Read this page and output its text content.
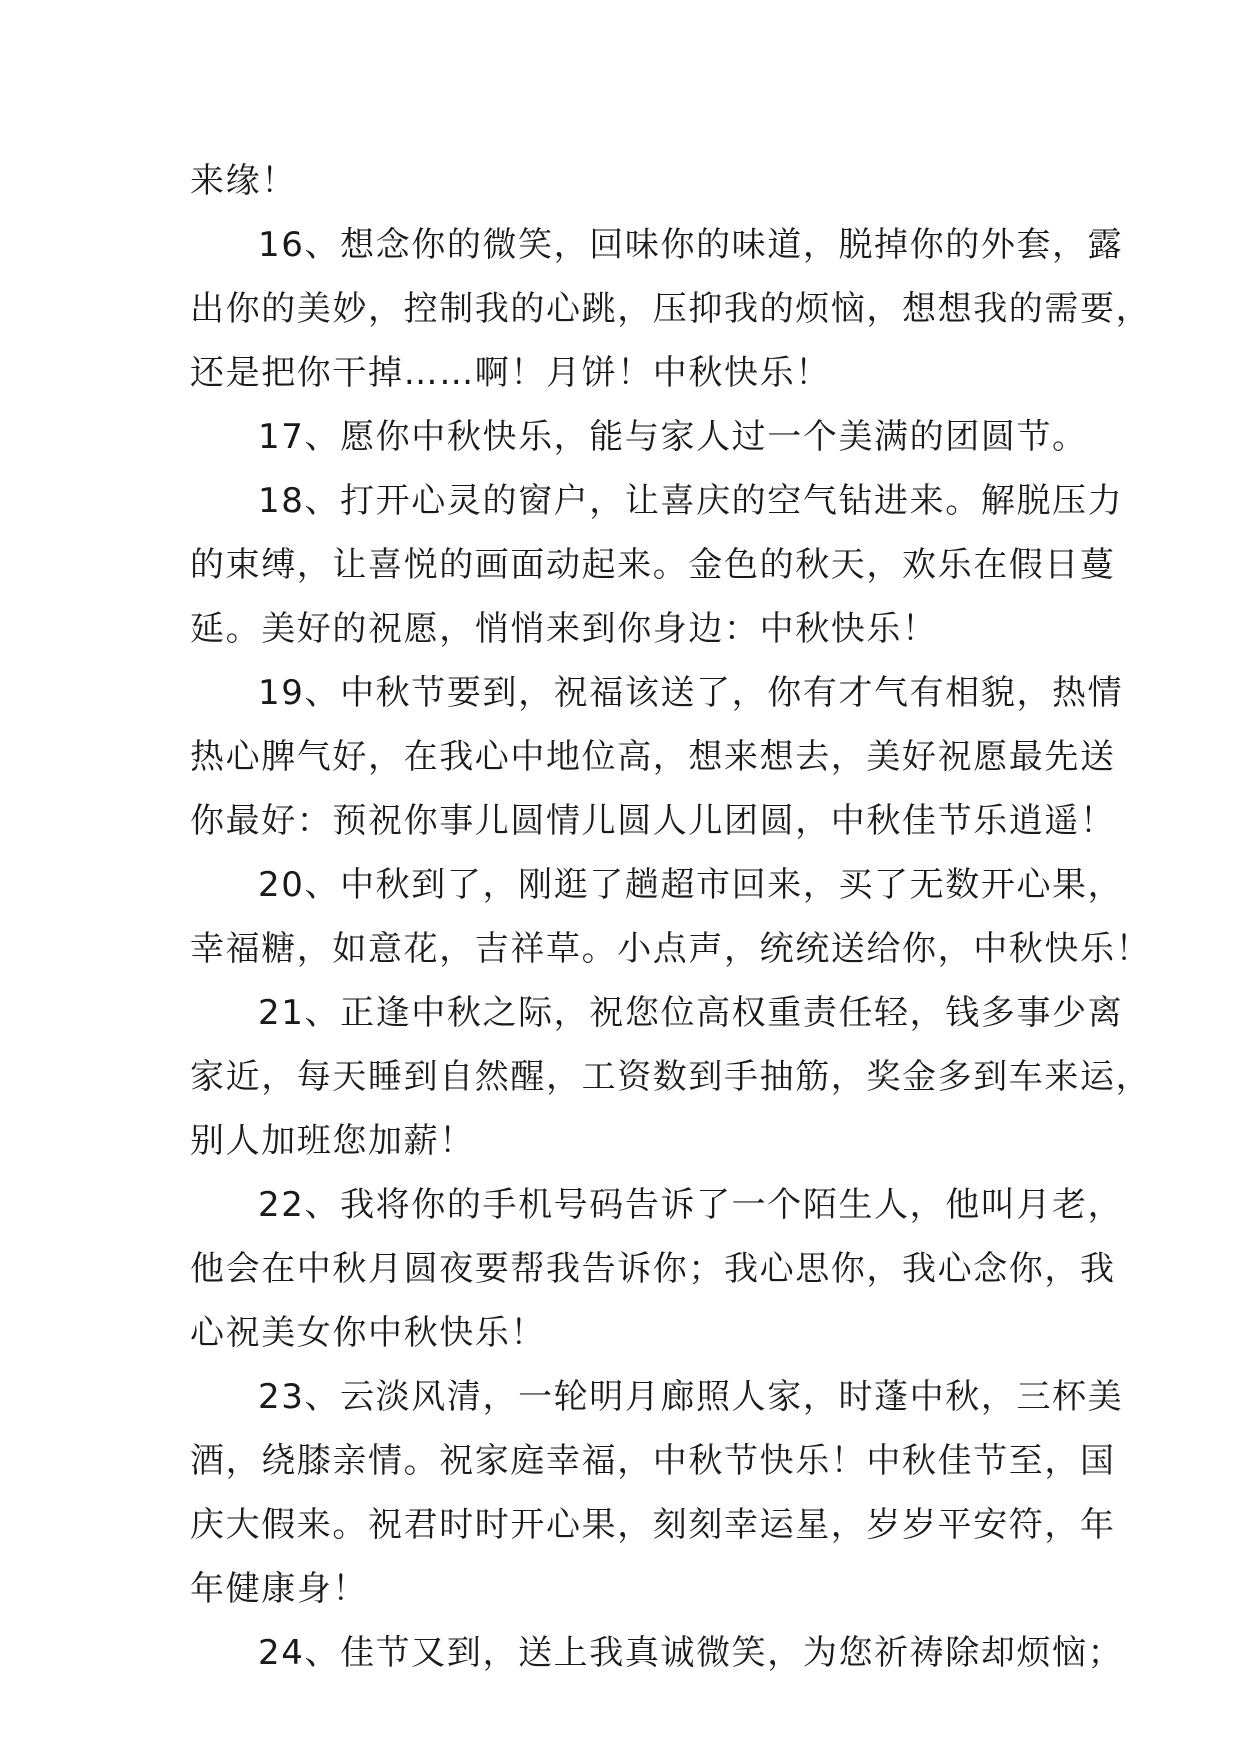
来缘！
16、想念你的微笑，回味你的味道，脱掉你的外套，露
出你的美妙，控制我的心跳，压抑我的烦恼，想想我的需要，
还是把你干掉……啊！月饼！中秋快乐！
17、愿你中秋快乐，能与家人过一个美满的团圆节。
18、打开心灵的窗户，让喜庆的空气钻进来。解脱压力
的束缚，让喜悦的画面动起来。金色的秋天，欢乐在假日蔓
延。美好的祝愿，悄悄来到你身边：中秋快乐！
19、中秋节要到，祝福该送了，你有才气有相貌，热情
热心脾气好，在我心中地位高，想来想去，美好祝愿最先送
你最好：预祝你事儿圆情儿圆人儿团圆，中秋佳节乐逍遥！
20、中秋到了，刚逛了趟超市回来，买了无数开心果，
幸福糖，如意花，吉祥草。小点声，统统送给你，中秋快乐！
21、正逢中秋之际，祝您位高权重责任轻，钱多事少离
家近，每天睡到自然醒，工资数到手抽筋，奖金多到车来运，
别人加班您加薪！
22、我将你的手机号码告诉了一个陌生人，他叫月老，
他会在中秋月圆夜要帮我告诉你；我心思你，我心念你，我
心祝美女你中秋快乐！
23、云淡风清，一轮明月廊照人家，时蓬中秋，三杯美
酒，绕膝亲情。祝家庭幸福，中秋节快乐！中秋佳节至，国
庆大假来。祝君时时开心果，刻刻幸运星，岁岁平安符，年
年健康身！
24、佳节又到，送上我真诚微笑，为您祈祷除却烦恼；
